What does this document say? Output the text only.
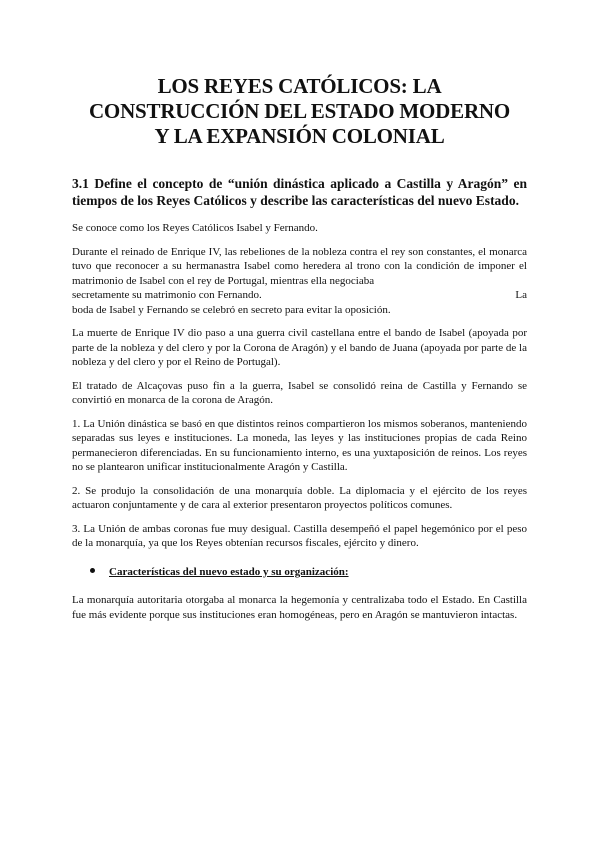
LOS REYES CATÓLICOS: LA
CONSTRUCCIÓN DEL ESTADO MODERNO
Y LA EXPANSIÓN COLONIAL
3.1 Define el concepto de “unión dinástica aplicado a Castilla y Aragón” en tiempos de los Reyes Católicos y describe las características del nuevo Estado.

Se conoce como los Reyes Católicos Isabel y Fernando.

Durante el reinado de Enrique IV, las rebeliones de la nobleza contra el rey son constantes, el monarca tuvo que reconocer a su hermanastra Isabel como heredera al trono con la condición de imponer el matrimonio de Isabel con el rey de Portugal, mientras ella negociaba

secretamente su matrimonio con Fernando.	La

boda de Isabel y Fernando se celebró en secreto para evitar la oposición.

La muerte de Enrique IV dio paso a una guerra civil castellana entre el bando de Isabel (apoyada por parte de la nobleza y del clero y por la Corona de Aragón) y el bando de Juana (apoyada por parte de la nobleza y del clero y por el Reino de Portugal).

El tratado de Alcaçovas puso fin a la guerra, Isabel se consolidó reina de Castilla y Fernando se convirtió en monarca de la corona de Aragón.

1. La Unión dinástica se basó en que distintos reinos compartieron los mismos soberanos, manteniendo separadas sus leyes e instituciones. La moneda, las leyes y las instituciones propias de cada Reino permanecieron diferenciadas. En su funcionamiento interno, es una yuxtaposición de reinos. Los reyes no se plantearon unificar institucionalmente Aragón y Castilla.

2. Se produjo la consolidación de una monarquía doble. La diplomacia y el ejército de los reyes actuaron conjuntamente y de cara al exterior presentaron proyectos políticos comunes.

3. La Unión de ambas coronas fue muy desigual. Castilla desempeñó el papel hegemónico por el peso de la monarquía, ya que los Reyes obtenían recursos fiscales, ejército y dinero.

Características del nuevo estado y su organización:

La monarquía autoritaria otorgaba al monarca la hegemonía y centralizaba todo el Estado. En Castilla fue más evidente porque sus instituciones eran homogéneas, pero en Aragón se mantuvieron intactas.
